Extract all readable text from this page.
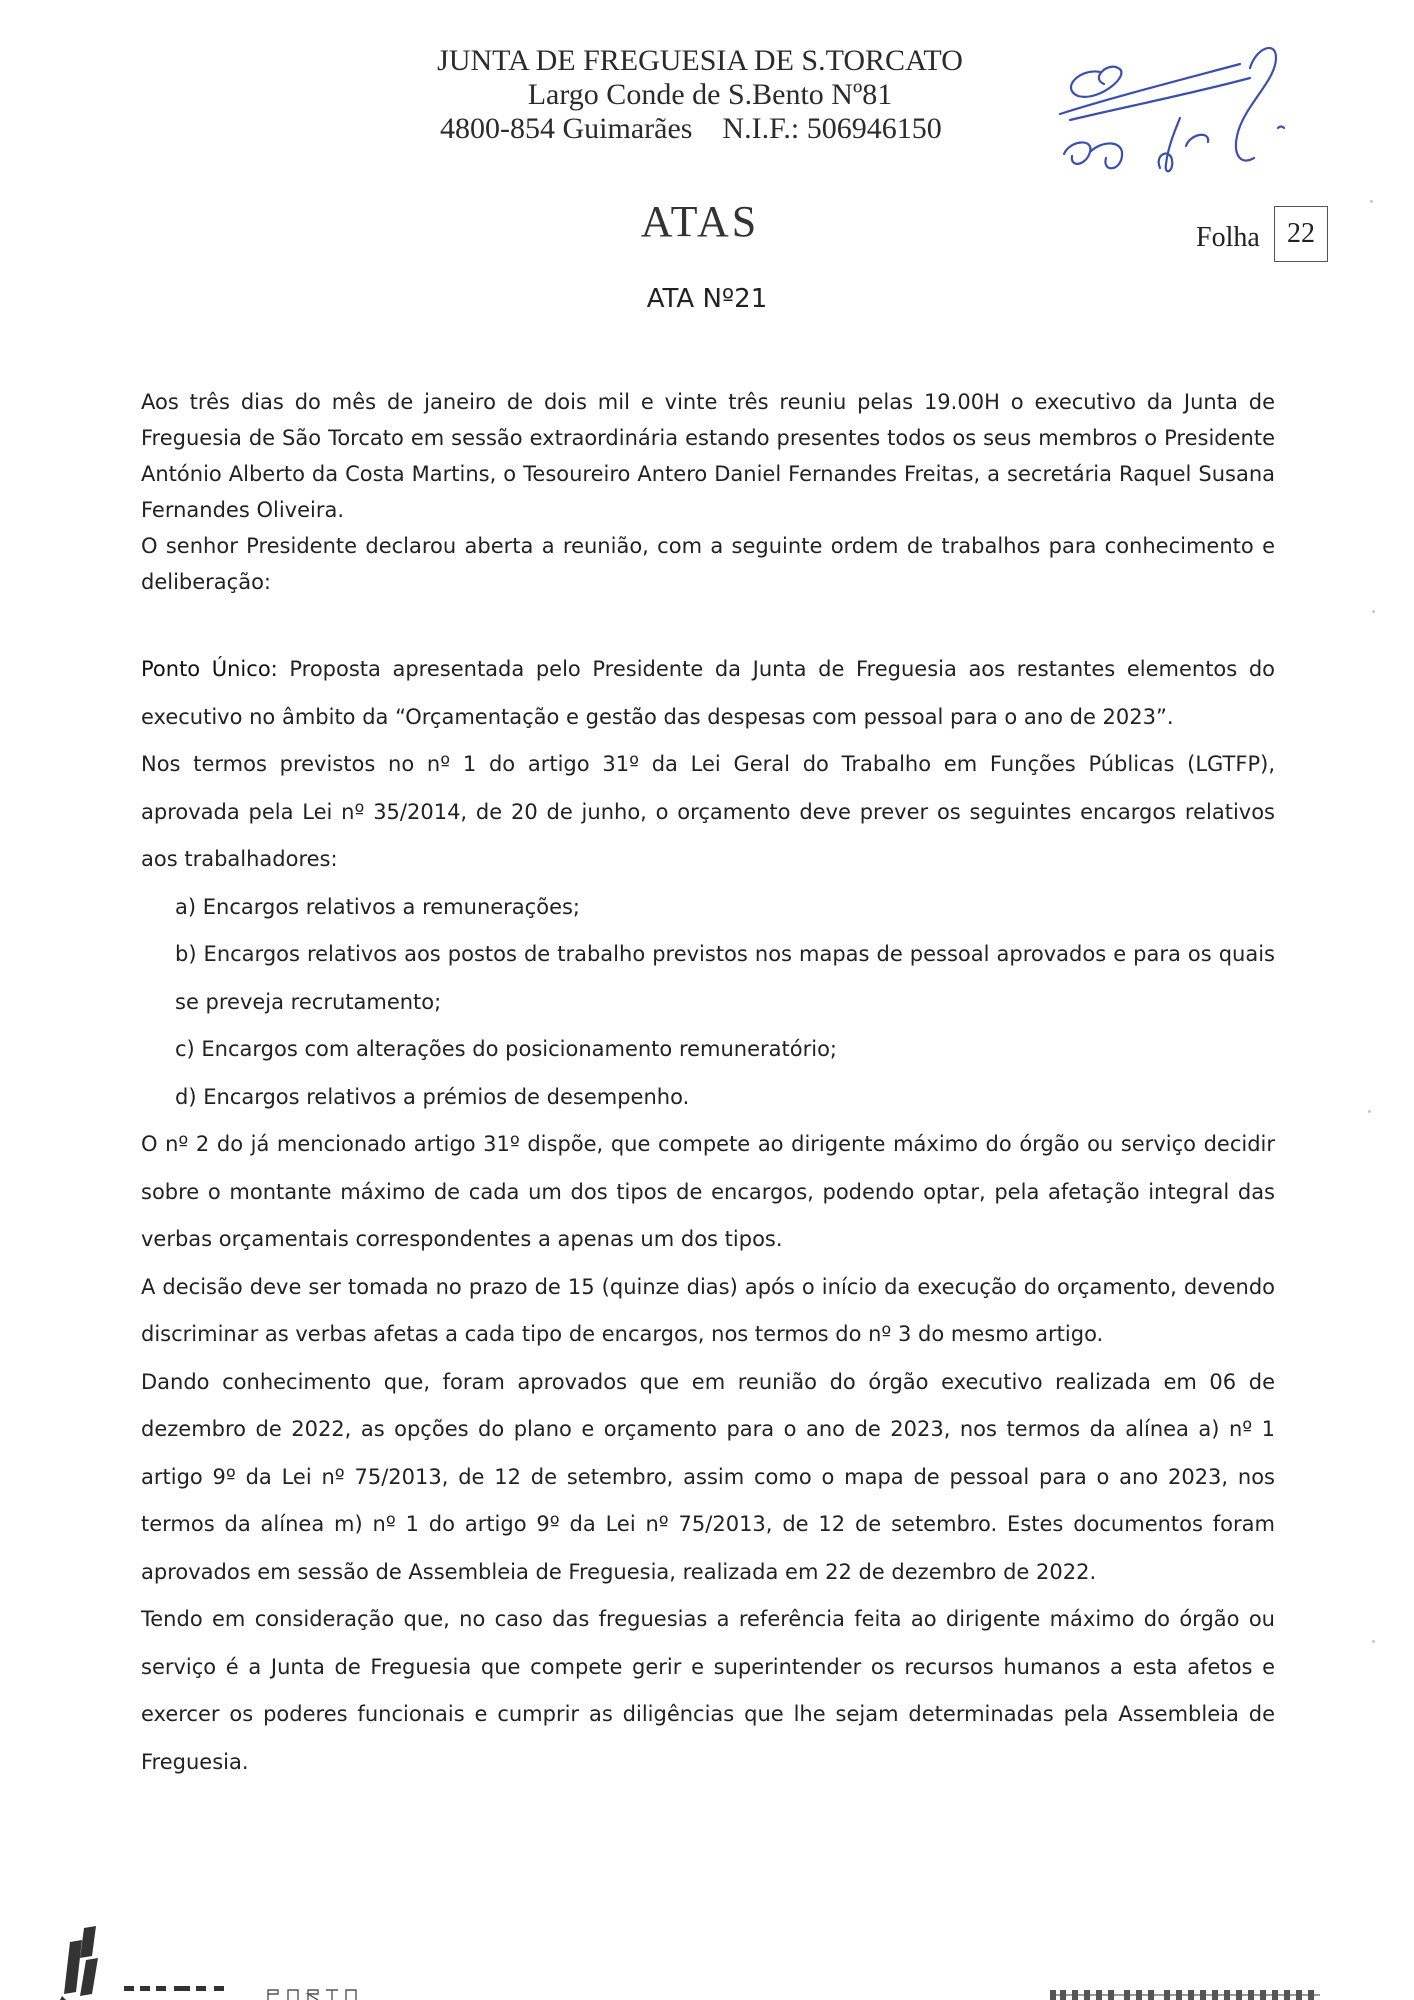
JUNTA DE FREGUESIA DE S.TORCATO
Largo Conde de S.Bento Nº81
4800-854 Guimarães    N.I.F.: 506946150
ATAS	Folha 22
ATA Nº21

Aos três dias do mês de janeiro de dois mil e vinte três reuniu pelas 19.00H o executivo da Junta de Freguesia de São Torcato em sessão extraordinária estando presentes todos os seus membros o Presidente António Alberto da Costa Martins, o Tesoureiro Antero Daniel Fernandes Freitas, a secretária Raquel Susana Fernandes Oliveira.

O senhor Presidente declarou aberta a reunião, com a seguinte ordem de trabalhos para conhecimento e deliberação:

Ponto Único: Proposta apresentada pelo Presidente da Junta de Freguesia aos restantes elementos do executivo no âmbito da “Orçamentação e gestão das despesas com pessoal para o ano de 2023”.

Nos termos previstos no nº 1 do artigo 31º da Lei Geral do Trabalho em Funções Públicas (LGTFP), aprovada pela Lei nº 35/2014, de 20 de junho, o orçamento deve prever os seguintes encargos relativos aos trabalhadores:

a) Encargos relativos a remunerações;

b) Encargos relativos aos postos de trabalho previstos nos mapas de pessoal aprovados e para os quais se preveja recrutamento;

c) Encargos com alterações do posicionamento remuneratório;

d) Encargos relativos a prémios de desempenho.

O nº 2 do já mencionado artigo 31º dispõe, que compete ao dirigente máximo do órgão ou serviço decidir sobre o montante máximo de cada um dos tipos de encargos, podendo optar, pela afetação integral das verbas orçamentais correspondentes a apenas um dos tipos.

A decisão deve ser tomada no prazo de 15 (quinze dias) após o início da execução do orçamento, devendo discriminar as verbas afetas a cada tipo de encargos, nos termos do nº 3 do mesmo artigo.

Dando conhecimento que, foram aprovados que em reunião do órgão executivo realizada em 06 de dezembro de 2022, as opções do plano e orçamento para o ano de 2023, nos termos da alínea a) nº 1 artigo 9º da Lei nº 75/2013, de 12 de setembro, assim como o mapa de pessoal para o ano 2023, nos termos da alínea m) nº 1 do artigo 9º da Lei nº 75/2013, de 12 de setembro. Estes documentos foram aprovados em sessão de Assembleia de Freguesia, realizada em 22 de dezembro de 2022.

Tendo em consideração que, no caso das freguesias a referência feita ao dirigente máximo do órgão ou serviço é a Junta de Freguesia que compete gerir e superintender os recursos humanos a esta afetos e exercer os poderes funcionais e cumprir as diligências que lhe sejam determinadas pela Assembleia de Freguesia.
